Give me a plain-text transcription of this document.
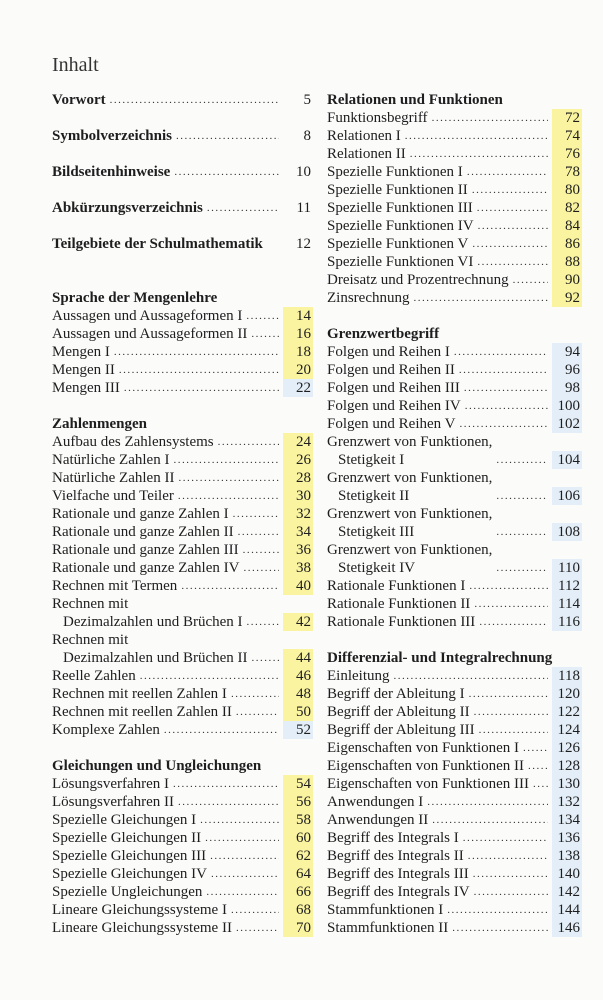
Inhalt
Vorwort .....	5
Symbolverzeichnis .....	8
Bildseitenhinweise .....	10
Abkürzungsverzeichnis .....	11
Teilgebiete der Schulmathematik	12
Sprache der Mengenlehre
Aussagen und Aussageformen I .....	14
Aussagen und Aussageformen II .....	16
Mengen I .....	18
Mengen II .....	20
Mengen III .....	22
Zahlenmengen
Aufbau des Zahlensystems .....	24
Natürliche Zahlen I .....	26
Natürliche Zahlen II .....	28
Vielfache und Teiler .....	30
Rationale und ganze Zahlen I .....	32
Rationale und ganze Zahlen II .....	34
Rationale und ganze Zahlen III .....	36
Rationale und ganze Zahlen IV .....	38
Rechnen mit Termen .....	40
Rechnen mit
Dezimalzahlen und Brüchen I .....	42
Rechnen mit
Dezimalzahlen und Brüchen II .....	44
Reelle Zahlen .....	46
Rechnen mit reellen Zahlen I .....	48
Rechnen mit reellen Zahlen II .....	50
Komplexe Zahlen .....	52
Gleichungen und Ungleichungen
Lösungsverfahren I .....	54
Lösungsverfahren II .....	56
Spezielle Gleichungen I .....	58
Spezielle Gleichungen II .....	60
Spezielle Gleichungen III .....	62
Spezielle Gleichungen IV .....	64
Spezielle Ungleichungen .....	66
Lineare Gleichungssysteme I .....	68
Lineare Gleichungssysteme II .....	70
Relationen und Funktionen
Funktionsbegriff .....	72
Relationen I .....	74
Relationen II .....	76
Spezielle Funktionen I .....	78
Spezielle Funktionen II .....	80
Spezielle Funktionen III .....	82
Spezielle Funktionen IV .....	84
Spezielle Funktionen V .....	86
Spezielle Funktionen VI .....	88
Dreisatz und Prozentrechnung .....	90
Zinsrechnung .....	92
Grenzwertbegriff
Folgen und Reihen I .....	94
Folgen und Reihen II .....	96
Folgen und Reihen III .....	98
Folgen und Reihen IV .....	100
Folgen und Reihen V .....	102
Grenzwert von Funktionen,
Stetigkeit I .....	104
Grenzwert von Funktionen,
Stetigkeit II .....	106
Grenzwert von Funktionen,
Stetigkeit III .....	108
Grenzwert von Funktionen,
Stetigkeit IV .....	110
Rationale Funktionen I .....	112
Rationale Funktionen II .....	114
Rationale Funktionen III .....	116
Differenzial- und Integralrechnung
Einleitung .....	118
Begriff der Ableitung I .....	120
Begriff der Ableitung II .....	122
Begriff der Ableitung III .....	124
Eigenschaften von Funktionen I .....	126
Eigenschaften von Funktionen II .....	128
Eigenschaften von Funktionen III .....	130
Anwendungen I .....	132
Anwendungen II .....	134
Begriff des Integrals I .....	136
Begriff des Integrals II .....	138
Begriff des Integrals III .....	140
Begriff des Integrals IV .....	142
Stammfunktionen I .....	144
Stammfunktionen II .....	146
